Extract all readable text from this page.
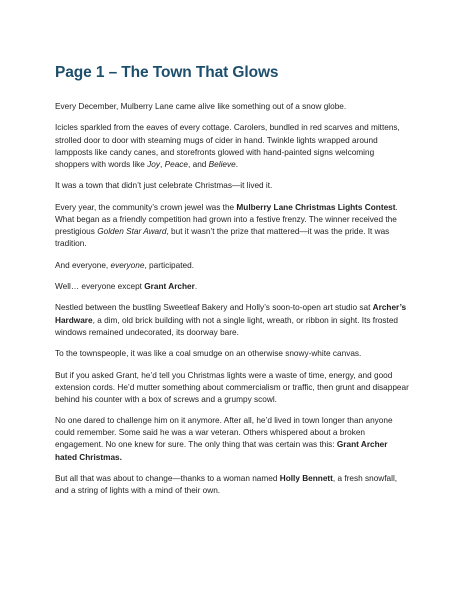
Page 1 – The Town That Glows

Every December, Mulberry Lane came alive like something out of a snow globe.

Icicles sparkled from the eaves of every cottage. Carolers, bundled in red scarves and mittens, strolled door to door with steaming mugs of cider in hand. Twinkle lights wrapped around lampposts like candy canes, and storefronts glowed with hand-painted signs welcoming shoppers with words like Joy, Peace, and Believe.

It was a town that didn’t just celebrate Christmas—it lived it.

Every year, the community’s crown jewel was the Mulberry Lane Christmas Lights Contest. What began as a friendly competition had grown into a festive frenzy. The winner received the prestigious Golden Star Award, but it wasn’t the prize that mattered—it was the pride. It was tradition.

And everyone, everyone, participated.

Well… everyone except Grant Archer.

Nestled between the bustling Sweetleaf Bakery and Holly’s soon-to-open art studio sat Archer’s Hardware, a dim, old brick building with not a single light, wreath, or ribbon in sight. Its frosted windows remained undecorated, its doorway bare.

To the townspeople, it was like a coal smudge on an otherwise snowy-white canvas.

But if you asked Grant, he’d tell you Christmas lights were a waste of time, energy, and good extension cords. He’d mutter something about commercialism or traffic, then grunt and disappear behind his counter with a box of screws and a grumpy scowl.

No one dared to challenge him on it anymore. After all, he’d lived in town longer than anyone could remember. Some said he was a war veteran. Others whispered about a broken engagement. No one knew for sure. The only thing that was certain was this: Grant Archer hated Christmas.

But all that was about to change—thanks to a woman named Holly Bennett, a fresh snowfall, and a string of lights with a mind of their own.
